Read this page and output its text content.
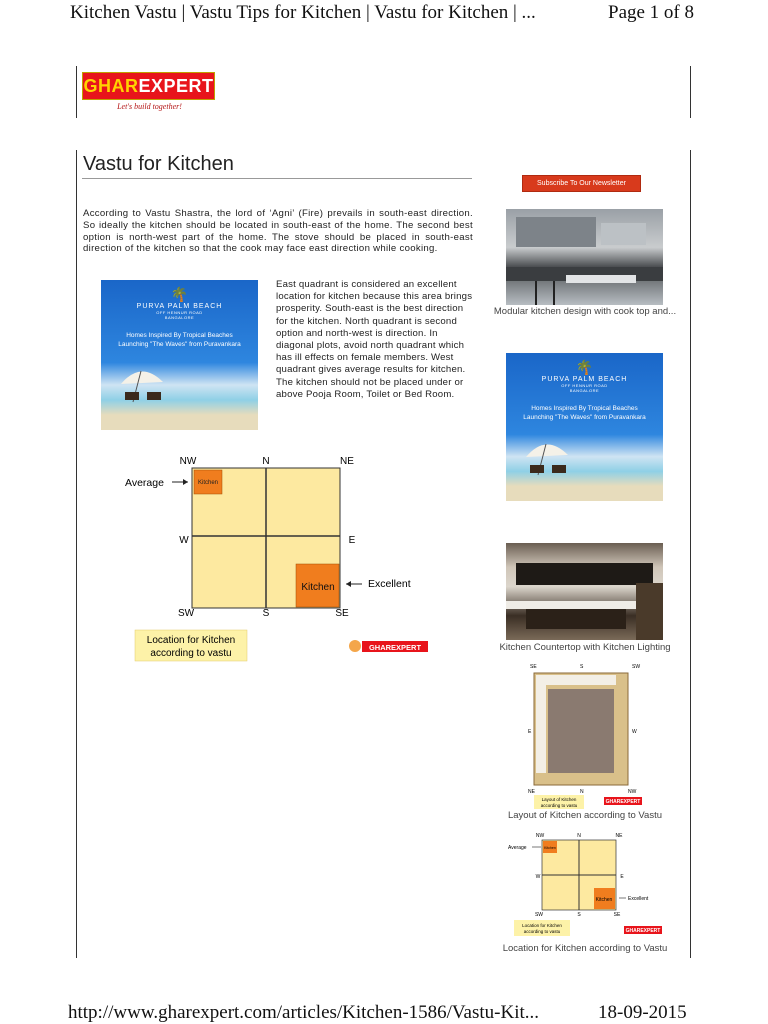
Kitchen Vastu | Vastu Tips for Kitchen | Vastu for Kitchen | ...	Page 1 of 8
GHAREXPERT
Let's build together!
Vastu for Kitchen
According to Vastu Shastra, the lord of ‘Agni’ (Fire) prevails in south-east direction. So ideally the kitchen should be located in south-east of the home. The second best option is north-west part of the home. The stove should be placed in south-east direction of the kitchen so that the cook may face east direction while cooking.
🌴
PURVA PALM BEACH
OFF HENNUR ROAD
BANGALORE
Homes Inspired By Tropical Beaches
Launching "The Waves" from Puravankara
East quadrant is considered an excellent location for kitchen because this area brings prosperity. South-east is the best direction for the kitchen. North quadrant is second option and north-west is direction. In diagonal plots, avoid north quadrant which has ill effects on female members. West quadrant gives average results for kitchen. The kitchen should not be placed under or above Pooja Room, Toilet or Bed Room.
Kitchen
Kitchen
NW	N	NE
W	E
SW	S	SE
Average
Excellent
Location for Kitchen
according to vastu
GHAREXPERT
Subscribe To Our Newsletter
Modular kitchen design with cook top and...
🌴
PURVA PALM BEACH
OFF HENNUR ROAD
BANGALORE
Homes Inspired By Tropical Beaches
Launching "The Waves" from Puravankara
Kitchen Countertop with Kitchen Lighting
SE	S	SW
E	W
NE	N	NW
Layout of Kitchen
according to vastu
GHAREXPERT
Layout of Kitchen according to Vastu
Kitchen
Kitchen
NW	N	NE
W	E
SW	S	SE
Average
Excellent
Location for Kitchen
according to vastu	GHAREXPERT
Location for Kitchen according to Vastu
http://www.gharexpert.com/articles/Kitchen-1586/Vastu-Kit...	18-09-2015
